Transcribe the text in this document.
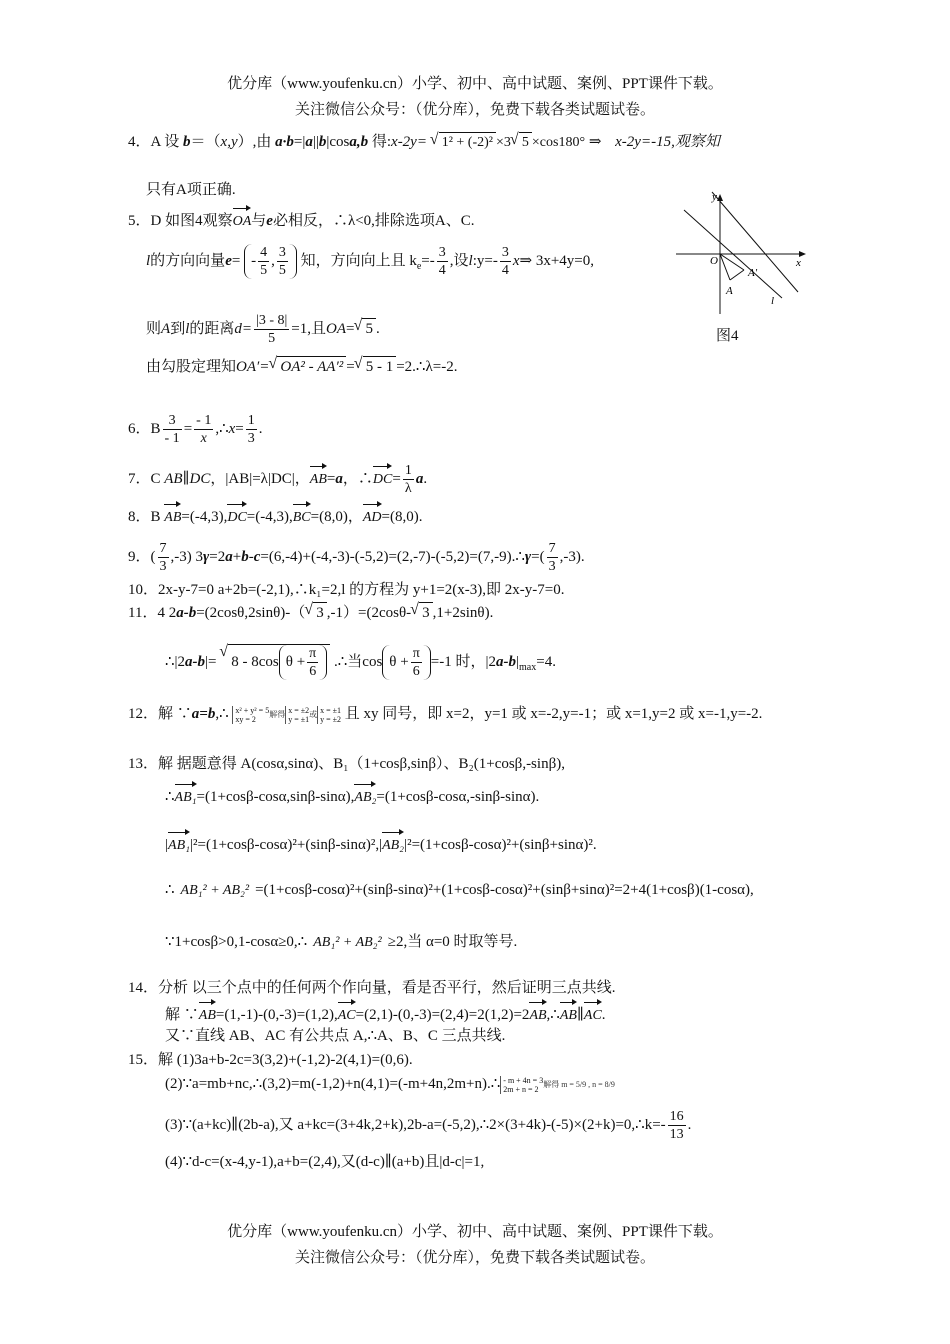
优分库（www.youfenku.cn）小学、初中、高中试题、案例、PPT课件下载。
关注微信公众号：（优分库），免费下载各类试题试卷。
4．A 设 b＝（x,y）,由 a·b=|a||b|cosa,b 得:x-2y= √ 1² + (-2)² ×3 √ 5 ×cos180° ⇒ x-2y=-15,观察知
只有A项正确.
5．D 如图4观察OA与e必相反，∴λ<0,排除选项A、C.
l的方向向量$e= - \frac{4}{5}$ , $\frac{3}{5}$ 知，方向向上且 $k_e=- \frac{3}{4}$ ,设l:y=- $\frac{3}{4}$ x⇒ 3x+4y=0,
则A到l的距离$d= \frac{|3 - 8|}{5} =1$,且OA= √ 5 .
由勾股定理知OA′= √ OA² - AA′² = √ 5 - 1 =2.∴λ=-2.
y
x
O
A
A'
l
图4
6．B $\frac{3}{- 1} = \frac{- 1}{x}$ ,∴x= $\frac{1}{3}$ .
7．C AB∥DC，|AB|=λ|DC|，AB=a，∴DC= $\frac{1}{\lambda} a$.
8．B AB=(-4,3),DC=(-4,3),BC=(8,0)，AD=(8,0).
9．( $\frac{7}{3} ,-3$) 3γ=2a+b-c=(6,-4)+(-4,-3)-(-5,2)=(2,-7)-(-5,2)=(7,-9).∴γ=( $\frac{7}{3} ,-3$).
10．2x-y-7=0 a+2b=(-2,1),∴k₁=2,l 的方程为 y+1=2(x-3),即 2x-y-7=0.
11．4 2a-b=(2cosθ,2sinθ)-（ √ 3 ,-1）=(2cosθ- √ 3 ,1+2sinθ).
∴|2a-b|= √ 8 - 8cos $\theta + \frac{\pi}{6}$ .∴当$\cos \theta + \frac{\pi}{6} =-1$ 时，$|2a-b|_{max}=4$.
12．解 ∵a=b,∴ x² + y² = 5
xy = 2 解得 x = ±2
y = ±1或 x = ±1
y = ±2 且 xy 同号，即 x=2，y=1 或 x=-2,y=-1；或 x=1,y=2 或 x=-1,y=-2.
13．解 据题意得 A(cosα,sinα)、B₁（1+cosβ,sinβ）、B₂(1+cosβ,-sinβ),
∴AB₁=(1+cosβ-cosα,sinβ-sinα),AB₂=(1+cosβ-cosα,-sinβ-sinα).
|AB₁|²=(1+cosβ-cosα)²+(sinβ-sinα)²,|AB₂|²=(1+cosβ-cosα)²+(sinβ+sinα)².
∴ AB₁² + AB₂² =(1+cosβ-cosα)²+(sinβ-sinα)²+(1+cosβ-cosα)²+(sinβ+sinα)²=2+4(1+cosβ)(1-cosα),
∵1+cosβ>0,1-cosα≥0,∴ AB₁² + AB₂² ≥2,当 α=0 时取等号.
14．分析 以三个点中的任何两个作向量，看是否平行，然后证明三点共线.
解 ∵AB=(1,-1)-(0,-3)=(1,2),AC=(2,1)-(0,-3)=(2,4)=2(1,2)=2AB,∴AB∥AC.
又∵直线 AB、AC 有公共点 A,∴A、B、C 三点共线.
15．解 (1)3a+b-2c=3(3,2)+(-1,2)-2(4,1)=(0,6).
(2)∵a=mb+nc,∴(3,2)=m(-1,2)+n(4,1)=(-m+4n,2m+n).∴ - m + 4n = 3
2m + n = 2 解得 m = 5/9 , n = 8/9
(3)∵(a+kc)∥(2b-a),又 a+kc=(3+4k,2+k),2b-a=(-5,2),∴2×(3+4k)-(-5)×(2+k)=0,∴k=- $\frac{16}{13}$ .
(4)∵d-c=(x-4,y-1),a+b=(2,4),又(d-c)∥(a+b)且|d-c|=1,
优分库（www.youfenku.cn）小学、初中、高中试题、案例、PPT课件下载。
关注微信公众号：（优分库），免费下载各类试题试卷。
